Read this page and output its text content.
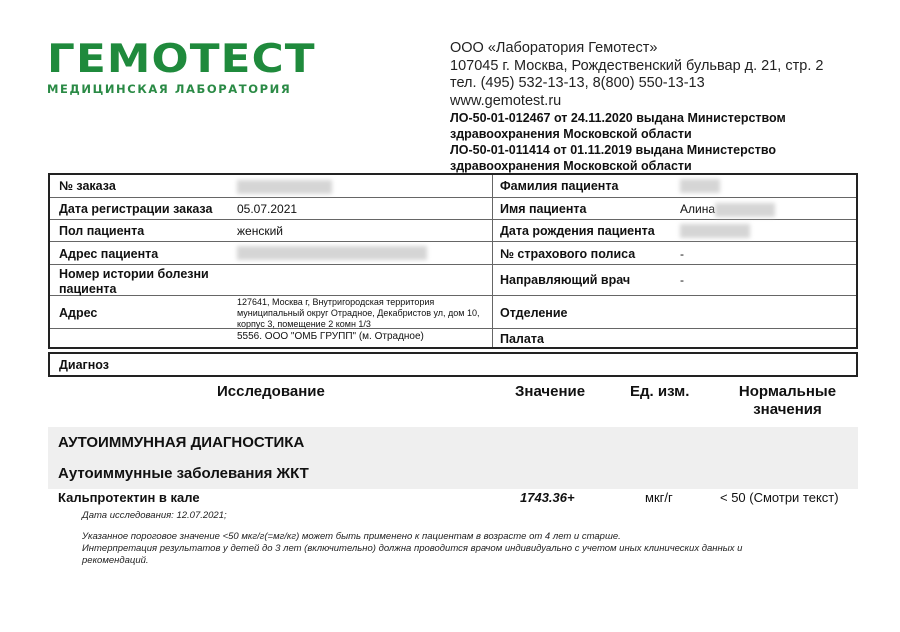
ГЕМОТЕСТ
МЕДИЦИНСКАЯ ЛАБОРАТОРИЯ
ООО «Лаборатория Гемотест»
107045 г. Москва, Рождественский бульвар д. 21, стр. 2
тел. (495) 532-13-13, 8(800) 550-13-13
www.gemotest.ru
ЛО-50-01-012467 от 24.11.2020 выдана Министерством
здравоохранения Московской области
ЛО-50-01-011414 от 01.11.2019 выдана Министерство
здравоохранения Московской области
№ заказа
Дата регистрации заказа 05.07.2021
Пол пациента	женский
Адрес пациента
Номер истории болезни пациента
Адрес
127641, Москва г, Внутригородская территория муниципальный округ Отрадное, Декабристов ул, дом 10, корпус 3, помещение 2 комн 1/3
5556. ООО "ОМБ ГРУПП" (м. Отрадное)
Фамилия пациента
Имя пациента	Алина
Дата рождения пациента
№ страхового полиса	-
Направляющий врач	-
Отделение
Палата
Диагноз
Исследование	Значение	Ед. изм.	Нормальные значения
АУТОИММУННАЯ ДИАГНОСТИКА
Аутоиммунные заболевания ЖКТ
Кальпротектин в кале	1743.36+	мкг/г	< 50 (Смотри текст)
Дата исследования: 12.07.2021;
Указанное пороговое значение <50 мкг/г(=мг/кг) может быть применено к пациентам в возрасте от 4 лет и старше.
Интерпретация результатов у детей до 3 лет (включительно) должна проводится врачом индивидуально с учетом иных клинических данных и
рекомендаций.
